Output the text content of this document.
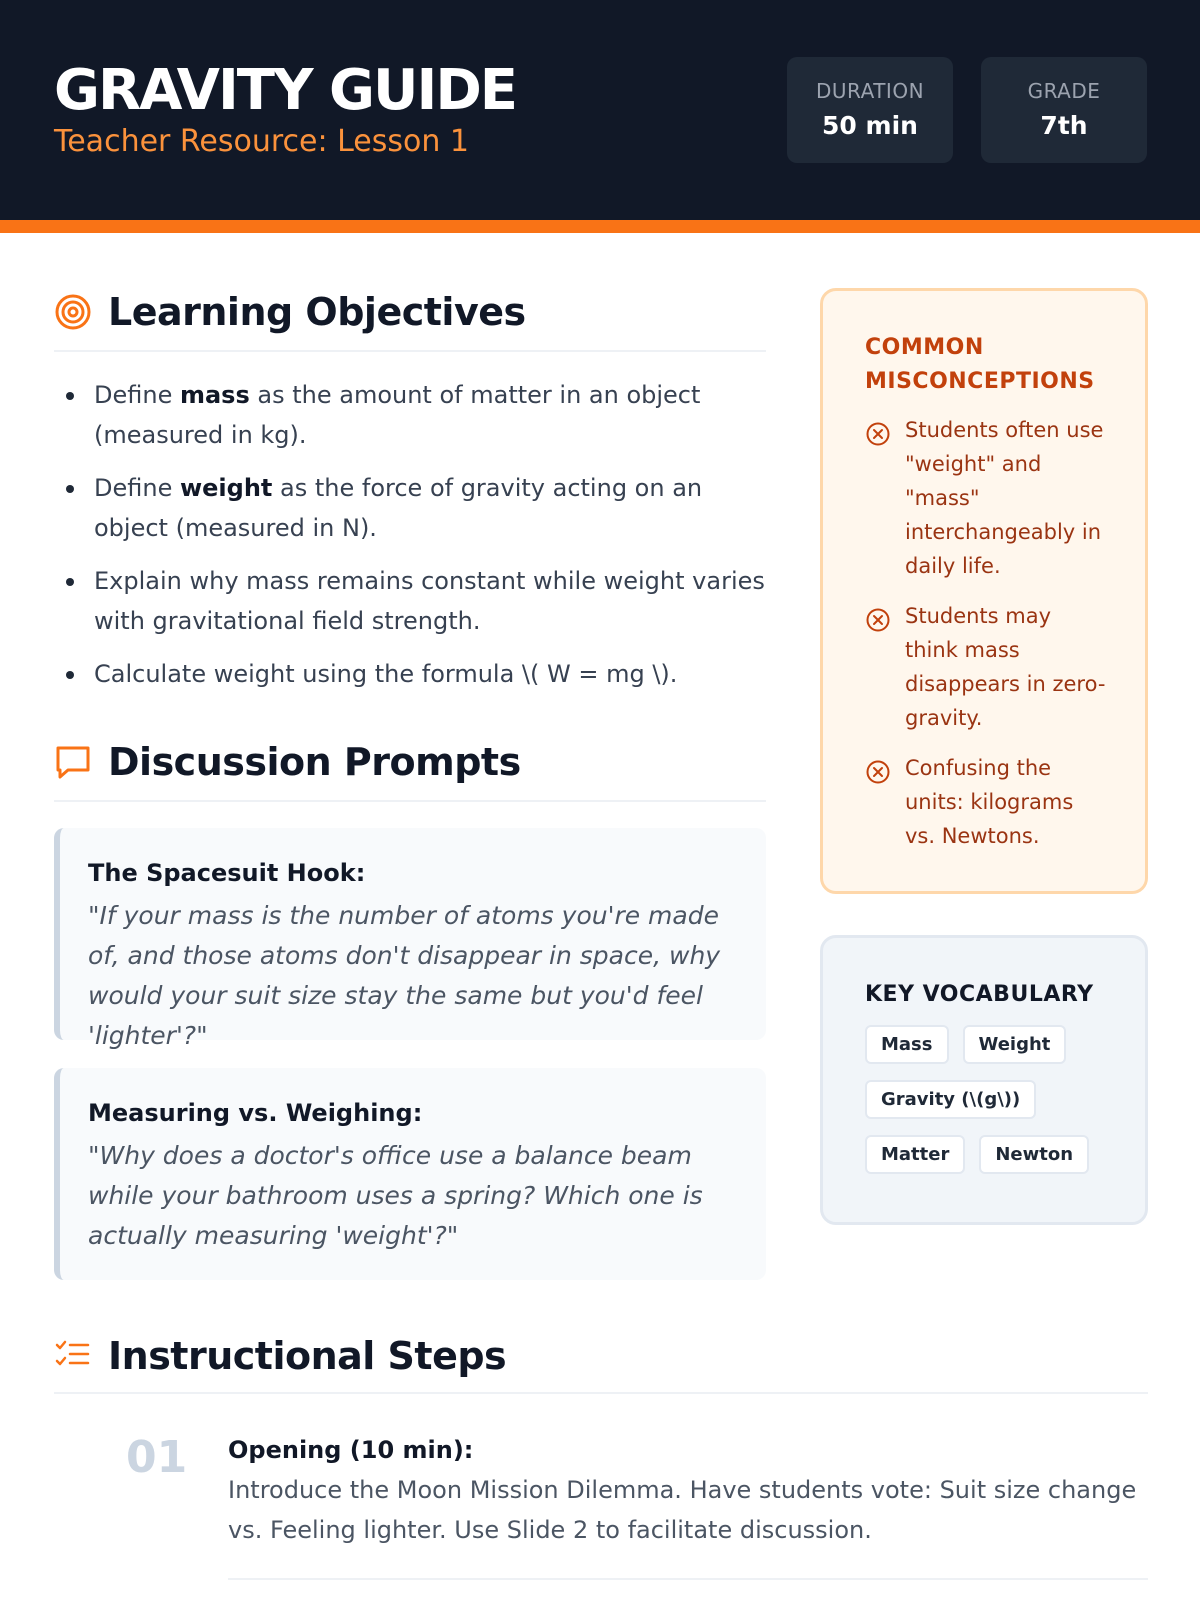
GRAVITY GUIDE
Teacher Resource: Lesson 1
DURATION
50 min
GRADE
7th
Learning Objectives
Define mass as the amount of matter in an object (measured in kg).
Define weight as the force of gravity acting on an object (measured in N).
Explain why mass remains constant while weight varies with gravitational field strength.
Calculate weight using the formula \( W = mg \).
Discussion Prompts
The Spacesuit Hook:
"If your mass is the number of atoms you're made of, and those atoms don't disappear in space, why would your suit size stay the same but you'd feel 'lighter'?"
Measuring vs. Weighing:
"Why does a doctor's office use a balance beam while your bathroom uses a spring? Which one is actually measuring 'weight'?"
COMMON MISCONCEPTIONS
Students often use "weight" and "mass" interchangeably in daily life.
Students may think mass disappears in zero-gravity.
Confusing the units: kilograms vs. Newtons.
KEY VOCABULARY
Mass	Weight
Gravity (\(g\))
Matter	Newton
Instructional Steps
01 Opening (10 min):
Introduce the Moon Mission Dilemma. Have students vote: Suit size change vs. Feeling lighter. Use Slide 2 to facilitate discussion.
